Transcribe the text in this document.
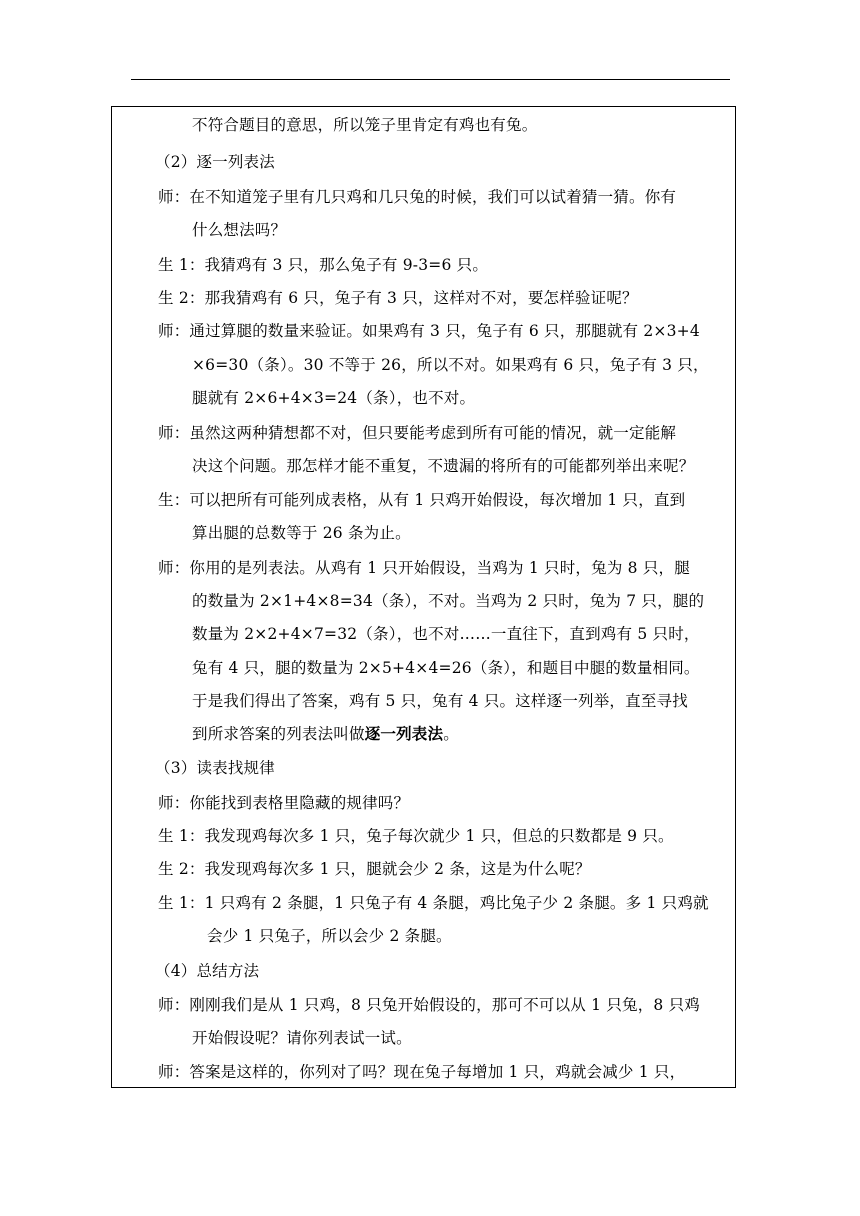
不符合题目的意思，所以笼子里肯定有鸡也有兔。
（2）逐一列表法
师：在不知道笼子里有几只鸡和几只兔的时候，我们可以试着猜一猜。你有
什么想法吗？
生 1：我猜鸡有 3 只，那么兔子有 9-3=6 只。
生 2：那我猜鸡有 6 只，兔子有 3 只，这样对不对，要怎样验证呢？
师：通过算腿的数量来验证。如果鸡有 3 只，兔子有 6 只，那腿就有 2×3+4
×6=30（条）。30 不等于 26，所以不对。如果鸡有 6 只，兔子有 3 只，
腿就有 2×6+4×3=24（条），也不对。
师：虽然这两种猜想都不对，但只要能考虑到所有可能的情况，就一定能解
决这个问题。那怎样才能不重复，不遗漏的将所有的可能都列举出来呢？
生：可以把所有可能列成表格，从有 1 只鸡开始假设，每次增加 1 只，直到
算出腿的总数等于 26 条为止。
师：你用的是列表法。从鸡有 1 只开始假设，当鸡为 1 只时，兔为 8 只，腿
的数量为 2×1+4×8=34（条），不对。当鸡为 2 只时，兔为 7 只，腿的
数量为 2×2+4×7=32（条），也不对……一直往下，直到鸡有 5 只时，
兔有 4 只，腿的数量为 2×5+4×4=26（条），和题目中腿的数量相同。
于是我们得出了答案，鸡有 5 只，兔有 4 只。这样逐一列举，直至寻找
到所求答案的列表法叫做逐一列表法。
（3）读表找规律
师：你能找到表格里隐藏的规律吗？
生 1：我发现鸡每次多 1 只，兔子每次就少 1 只，但总的只数都是 9 只。
生 2：我发现鸡每次多 1 只，腿就会少 2 条，这是为什么呢？
生 1：1 只鸡有 2 条腿，1 只兔子有 4 条腿，鸡比兔子少 2 条腿。多 1 只鸡就
会少 1 只兔子，所以会少 2 条腿。
（4）总结方法
师：刚刚我们是从 1 只鸡，8 只兔开始假设的，那可不可以从 1 只兔，8 只鸡
开始假设呢？请你列表试一试。
师：答案是这样的，你列对了吗？现在兔子每增加 1 只，鸡就会减少 1 只，
